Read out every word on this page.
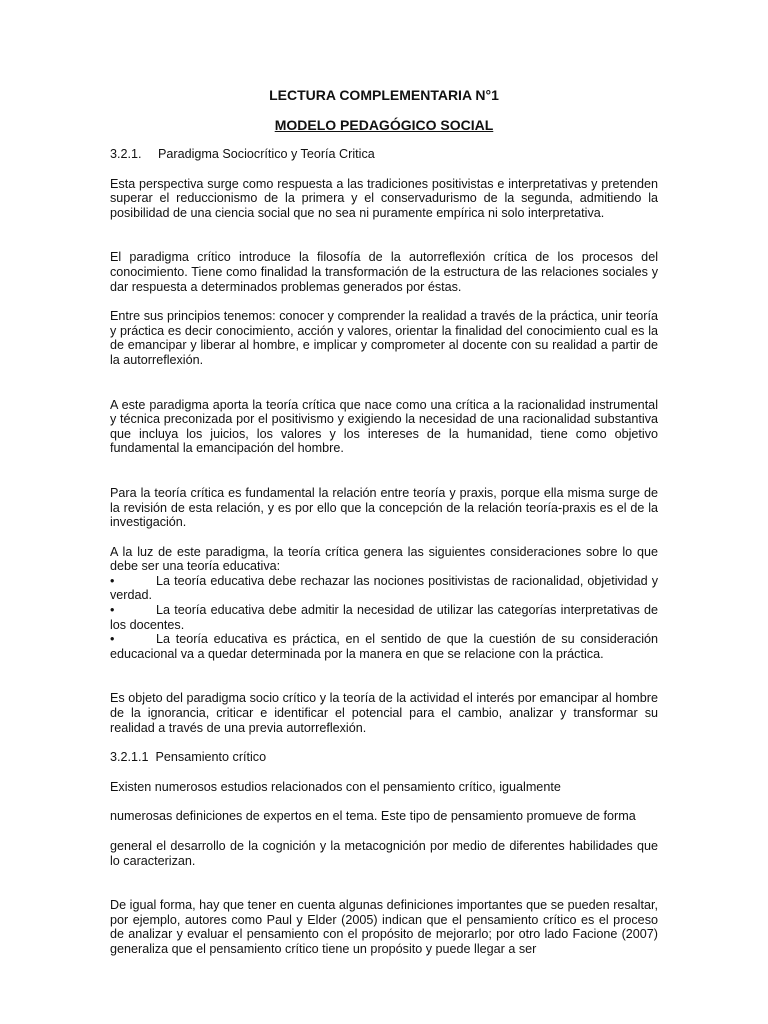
LECTURA COMPLEMENTARIA N°1
MODELO PEDAGÓGICO SOCIAL
3.2.1. Paradigma Sociocrítico y Teoría Critica

Esta perspectiva surge como respuesta a las tradiciones positivistas e interpretativas y pretenden superar el reduccionismo de la primera y el conservadurismo de la segunda, admitiendo la posibilidad de una ciencia social que no sea ni puramente empírica ni solo interpretativa.

El paradigma crítico introduce la filosofía de la autorreflexión crítica de los procesos del conocimiento. Tiene como finalidad la transformación de la estructura de las relaciones sociales y dar respuesta a determinados problemas generados por éstas.

Entre sus principios tenemos: conocer y comprender la realidad a través de la práctica, unir teoría y práctica es decir conocimiento, acción y valores, orientar la finalidad del conocimiento cual es la de emancipar y liberar al hombre, e implicar y comprometer al docente con su realidad a partir de la autorreflexión.

A este paradigma aporta la teoría crítica que nace como una crítica a la racionalidad instrumental y técnica preconizada por el positivismo y exigiendo la necesidad de una racionalidad substantiva que incluya los juicios, los valores y los intereses de la humanidad, tiene como objetivo fundamental la emancipación del hombre.

Para la teoría crítica es fundamental la relación entre teoría y praxis, porque ella misma surge de la revisión de esta relación, y es por ello que la concepción de la relación teoría-praxis es el de la investigación.

A la luz de este paradigma, la teoría crítica genera las siguientes consideraciones sobre lo que debe ser una teoría educativa:

•	La teoría educativa debe rechazar las nociones positivistas de racionalidad, objetividad y verdad.
•	La teoría educativa debe admitir la necesidad de utilizar las categorías interpretativas de los docentes.
•	La teoría educativa es práctica, en el sentido de que la cuestión de su consideración educacional va a quedar determinada por la manera en que se relacione con la práctica.

Es objeto del paradigma socio crítico y la teoría de la actividad el interés por emancipar al hombre de la ignorancia, criticar e identificar el potencial para el cambio, analizar y transformar su realidad a través de una previa autorreflexión.

3.2.1.1 Pensamiento crítico

Existen numerosos estudios relacionados con el pensamiento crítico, igualmente

numerosas definiciones de expertos en el tema. Este tipo de pensamiento promueve de forma

general el desarrollo de la cognición y la metacognición por medio de diferentes habilidades que lo caracterizan.

De igual forma, hay que tener en cuenta algunas definiciones importantes que se pueden resaltar, por ejemplo, autores como Paul y Elder (2005) indican que el pensamiento crítico es el proceso de analizar y evaluar el pensamiento con el propósito de mejorarlo; por otro lado Facione (2007) generaliza que el pensamiento crítico tiene un propósito y puede llegar a ser
